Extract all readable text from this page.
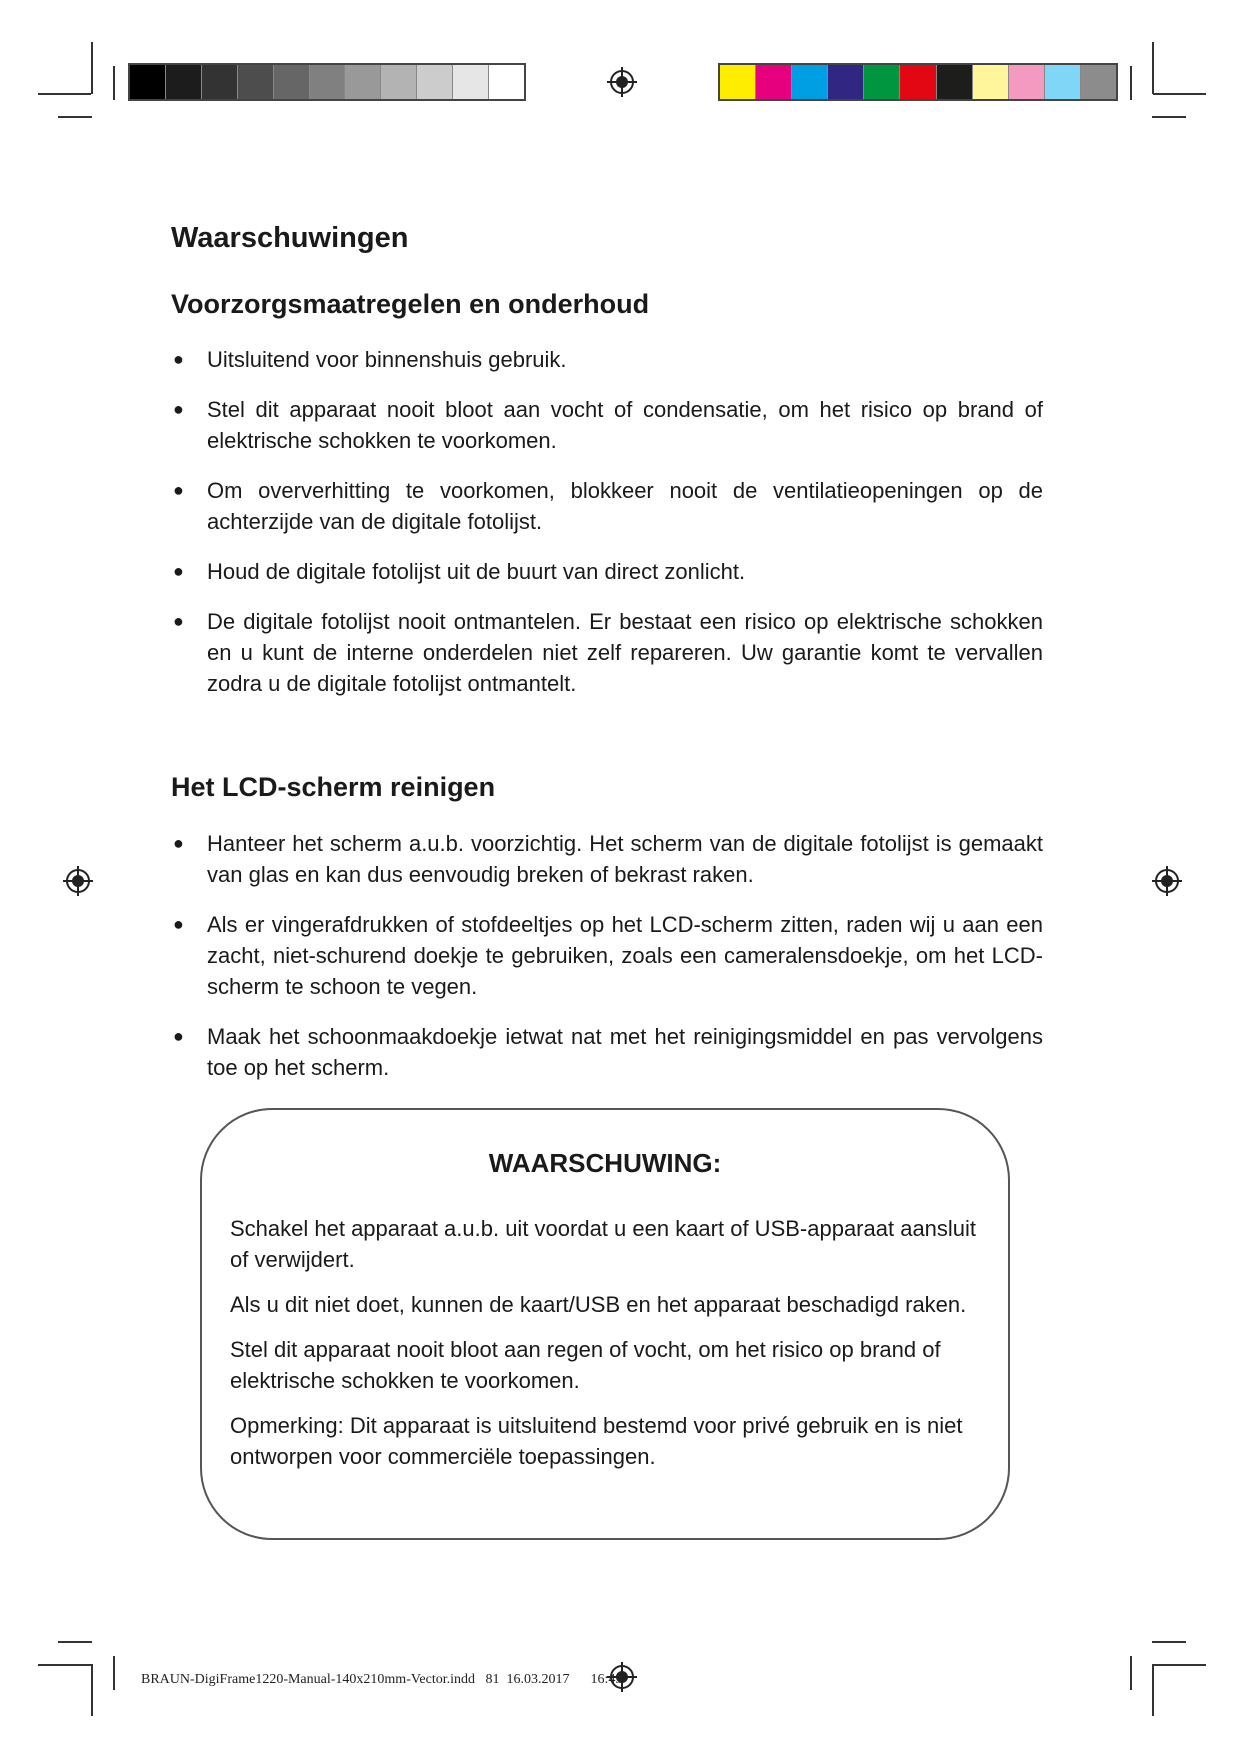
Waarschuwingen
Voorzorgsmaatregelen en onderhoud
● Uitsluitend voor binnenshuis gebruik.
● Stel dit apparaat nooit bloot aan vocht of condensatie, om het risico op brand of elektrische schokken te voorkomen.
● Om oververhitting te voorkomen, blokkeer nooit de ventilatieopeningen op de achterzijde van de digitale fotolijst.
● Houd de digitale fotolijst uit de buurt van direct zonlicht.
● De digitale fotolijst nooit ontmantelen. Er bestaat een risico op elektrische schokken en u kunt de interne onderdelen niet zelf repareren. Uw garantie komt te vervallen zodra u de digitale fotolijst ontmantelt.
Het LCD-scherm reinigen
● Hanteer het scherm a.u.b. voorzichtig. Het scherm van de digitale fotolijst is gemaakt van glas en kan dus eenvoudig breken of bekrast raken.
● Als er vingerafdrukken of stofdeeltjes op het LCD-scherm zitten, raden wij u aan een zacht, niet-schurend doekje te gebruiken, zoals een cameralensdoekje, om het LCD-scherm te schoon te vegen.
● Maak het schoonmaakdoekje ietwat nat met het reinigingsmiddel en pas vervolgens toe op het scherm.
WAARSCHUWING:

Schakel het apparaat a.u.b. uit voordat u een kaart of USB-apparaat aansluit of verwijdert.

Als u dit niet doet, kunnen de kaart/USB en het apparaat beschadigd raken.

Stel dit apparaat nooit bloot aan regen of vocht, om het risico op brand of elektrische schokken te voorkomen.

Opmerking: Dit apparaat is uitsluitend bestemd voor privé gebruik en is niet ontworpen voor commerciële toepassingen.

BRAUN-DigiFrame1220-Manual-140x210mm-Vector.indd 81 16.03.2017 16:49
